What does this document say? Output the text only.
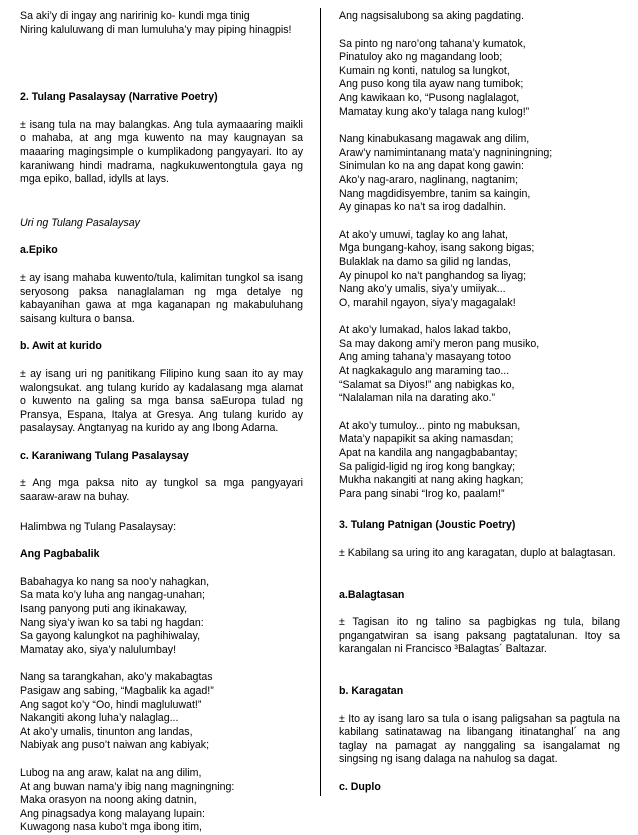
Sa aki’y di ingay ang naririnig ko- kundi mga tinig
Niring kaluluwang di man lumuluha’y may piping hinagpis!
2. Tulang Pasalaysay (Narrative Poetry)
± isang tula na may balangkas. Ang tula aymaaaring maikli o mahaba, at ang mga kuwento na may kaugnayan sa maaaring magingsimple o kumplikadong pangyayari. Ito ay karaniwang hindi madrama, nagkukuwentongtula gaya ng mga epiko, ballad, idylls at lays.
Uri ng Tulang Pasalaysay
a.Epiko
± ay isang mahaba kuwento/tula, kalimitan tungkol sa isang seryosong paksa nanaglalaman ng mga detalye ng kabayanihan gawa at mga kaganapan ng makabuluhang saisang kultura o bansa.
b. Awit at kurido
± ay isang uri ng panitikang Filipino kung saan ito ay may walongsukat. ang tulang kurido ay kadalasang mga alamat o kuwento na galing sa mga bansa saEuropa tulad ng Pransya, Espana, Italya at Gresya. Ang tulang kurido ay pasalaysay. Angtanyag na kurido ay ang Ibong Adarna.
c. Karaniwang Tulang Pasalaysay
± Ang mga paksa nito ay tungkol sa mga pangyayari saaraw-araw na buhay.
Halimbwa ng Tulang Pasalaysay:
Ang Pagbabalik
Babahagya ko nang sa noo’y nahagkan,
Sa mata ko’y luha ang nangag-unahan;
Isang panyong puti ang ikinakaway,
Nang siya’y iwan ko sa tabi ng hagdan:
Sa gayong kalungkot na paghihiwalay,
Mamatay ako, siya’y nalulumbay!
Nang sa tarangkahan, ako’y makabagtas
Pasigaw ang sabing, “Magbalik ka agad!”
Ang sagot ko’y “Oo, hindi magluluwat!”
Nakangiti akong luha’y nalaglag...
At ako’y umalis, tinunton ang landas,
Nabiyak ang puso’t naiwan ang kabiyak;
Lubog na ang araw, kalat na ang dilim,
At ang buwan nama’y ibig nang magningning:
Maka orasyon na noong aking datnin,
Ang pinagsadya kong malayang lupain:
Kuwagong nasa kubo’t mga ibong itim,
Ang nagsisalubong sa aking pagdating.
Sa pinto ng naro’ong tahana’y kumatok,
Pinatuloy ako ng magandang loob;
Kumain ng konti, natulog sa lungkot,
Ang puso kong tila ayaw nang tumibok;
Ang kawikaan ko, “Pusong naglalagot,
Mamatay kung ako’y talaga nang kulog!”
Nang kinabukasang magawak ang dilim,
Araw’y namimintanang mata’y nagniningning;
Sinimulan ko na ang dapat kong gawin:
Ako’y nag-araro, naglinang, nagtanim;
Nang magdidisyembre, tanim sa kaingin,
Ay ginapas ko na’t sa irog dadalhin.
At ako’y umuwi, taglay ko ang lahat,
Mga bungang-kahoy, isang sakong bigas;
Bulaklak na damo sa gilid ng landas,
Ay pinupol ko na’t panghandog sa liyag;
Nang ako’y umalis, siya’y umiiyak...
O, marahil ngayon, siya’y magagalak!
At ako’y lumakad, halos lakad takbo,
Sa may dakong ami’y meron pang musiko,
Ang aming tahana’y masayang totoo
At nagkakagulo ang maraming tao...
“Salamat sa Diyos!” ang nabigkas ko,
“Nalalaman nila na darating ako.”
At ako’y tumuloy... pinto ng mabuksan,
Mata’y napapikit sa aking namasdan;
Apat na kandila ang nangagbabantay;
Sa paligid-ligid ng irog kong bangkay;
Mukha nakangiti at nang aking hagkan;
Para pang sinabi “Irog ko, paalam!”
3. Tulang Patnigan (Joustic Poetry)
± Kabilang sa uring ito ang karagatan, duplo at balagtasan.
a.Balagtasan
± Tagisan ito ng talino sa pagbigkas ng tula, bilang pngangatwiran sa isang paksang pagtatalunan. Itoy sa karangalan ni Francisco ³Balagtas´ Baltazar.
b. Karagatan
± Ito ay isang laro sa tula o isang paligsahan sa pagtula na kabilang satinatawag na libangang itinatanghal´ na ang taglay na pamagat ay nanggaling sa isangalamat ng singsing ng isang dalaga na nahulog sa dagat.
c. Duplo
